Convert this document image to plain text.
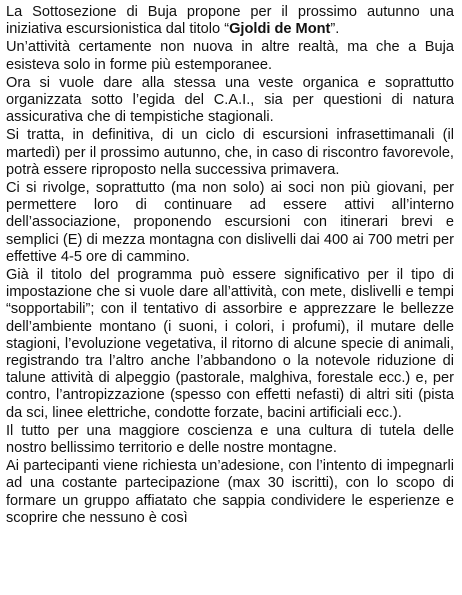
La Sottosezione di Buja propone per il prossimo autunno una iniziativa escursionistica dal titolo “Gjoldi de Mont”.

Un’attività certamente non nuova in altre realtà, ma che a Buja esisteva solo in forme più estemporanee.

Ora si vuole dare alla stessa una veste organica e soprattutto organizzata sotto l’egida del C.A.I., sia per questioni di natura assicurativa che di tempistiche stagionali.

Si tratta, in definitiva, di un ciclo di escursioni infrasettimanali (il martedì) per il prossimo autunno, che, in caso di riscontro favorevole, potrà essere riproposto nella successiva primavera.

Ci si rivolge, soprattutto (ma non solo) ai soci non più giovani, per permettere loro di continuare ad essere attivi all’interno dell’associazione, proponendo escursioni con itinerari brevi e semplici (E) di mezza montagna con dislivelli dai 400 ai 700 metri per effettive 4-5 ore di cammino.

Già il titolo del programma può essere significativo per il tipo di impostazione che si vuole dare all’attività, con mete, dislivelli e tempi “sopportabili”; con il tentativo di assorbire e apprezzare le bellezze dell’ambiente montano (i suoni, i colori, i profumi), il mutare delle stagioni, l’evoluzione vegetativa, il ritorno di alcune specie di animali, registrando tra l’altro anche l’abbandono o la notevole riduzione di talune attività di alpeggio (pastorale, malghiva, forestale ecc.) e, per contro, l’antropizzazione (spesso con effetti nefasti) di altri siti (pista da sci, linee elettriche, condotte forzate, bacini artificiali ecc.).

Il tutto per una maggiore coscienza e una cultura di tutela delle nostro bellissimo territorio e delle nostre montagne.

Ai partecipanti viene richiesta un’adesione, con l’intento di impegnarli ad una costante partecipazione (max 30 iscritti), con lo scopo di formare un gruppo affiatato che sappia condividere le esperienze e scoprire che nessuno è così
